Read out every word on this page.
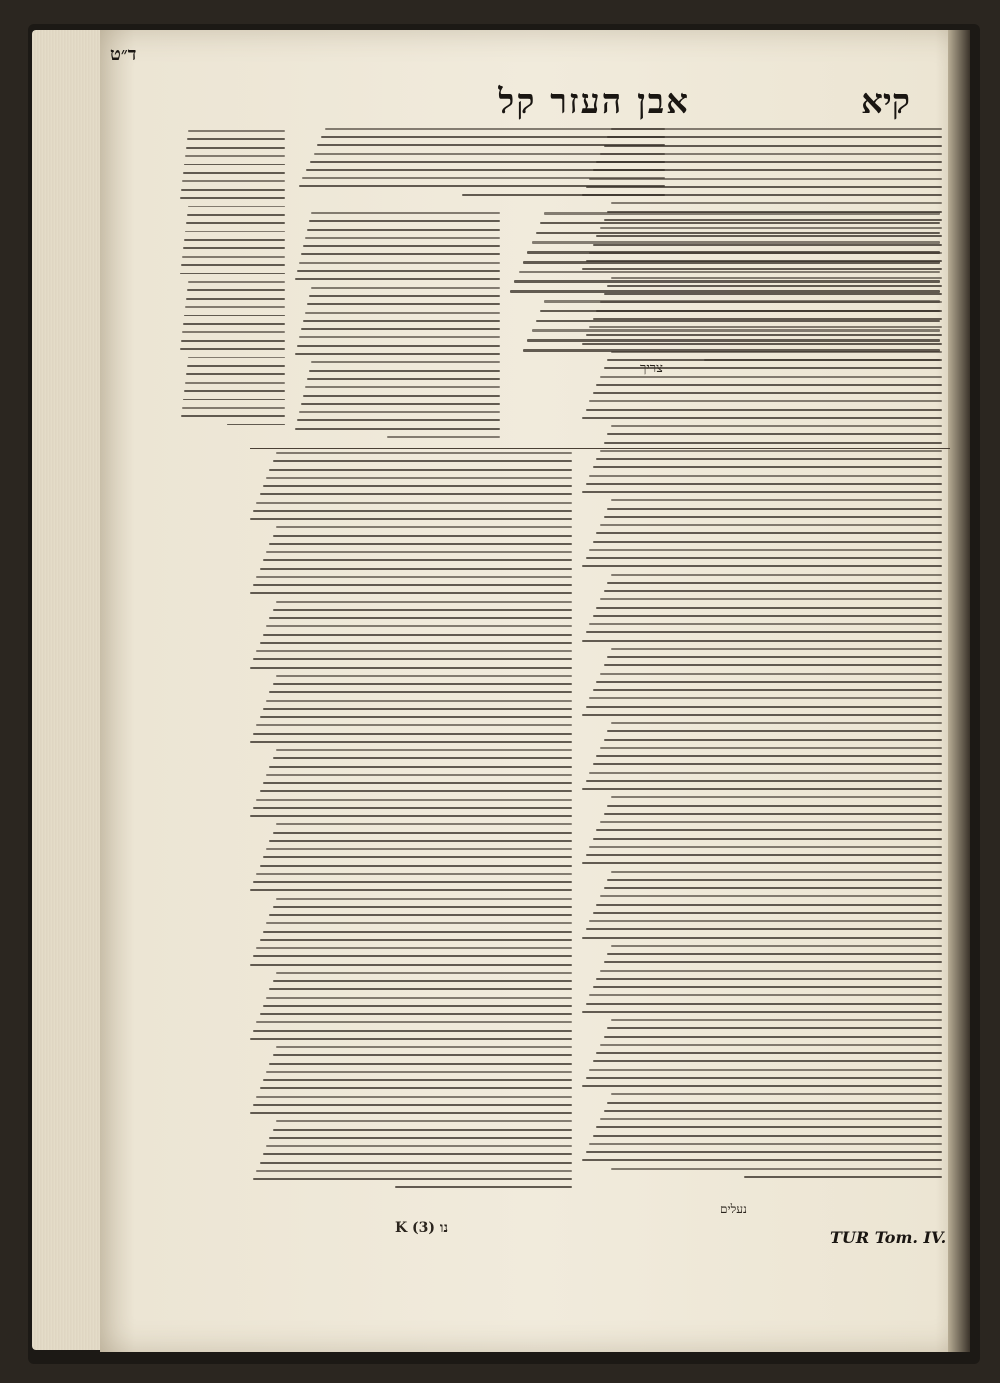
קיא
אבן העזר קל
ד״ט
נעלים
K (3) נו	TUR Tom. IV.
